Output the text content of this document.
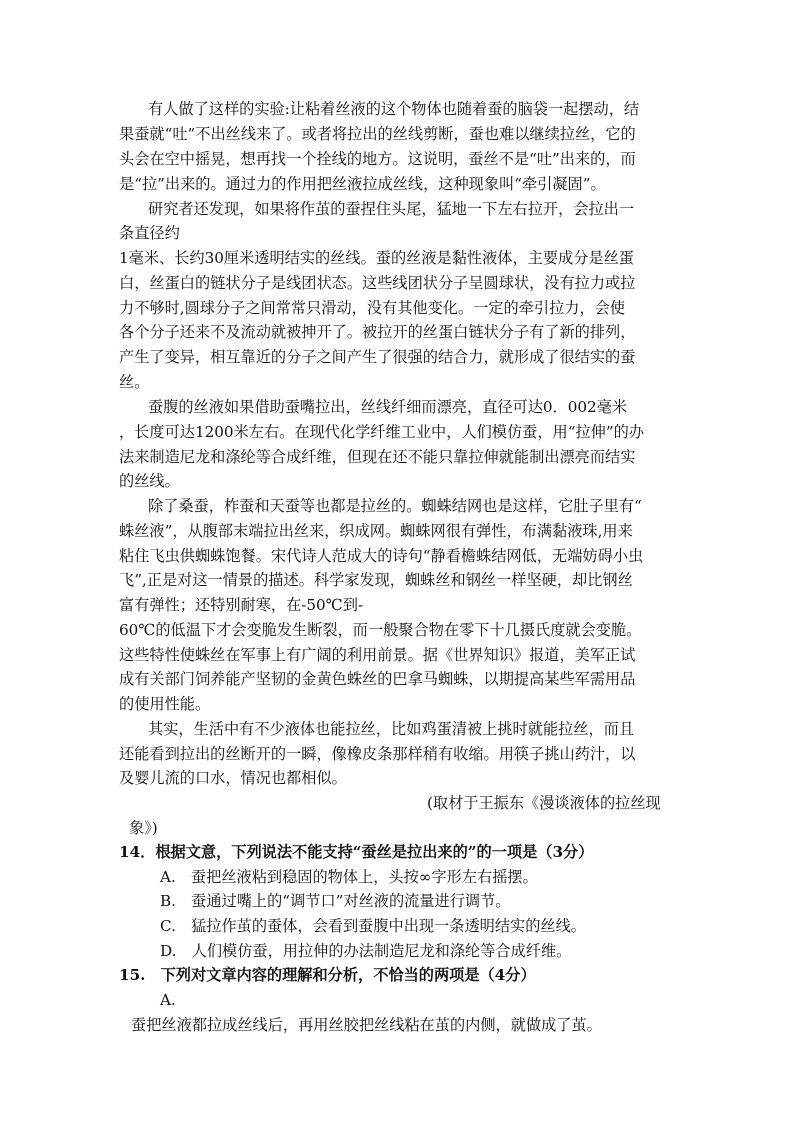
有人做了这样的实验:让粘着丝液的这个物体也随着蚕的脑袋一起摆动，结
果蚕就“吐”不出丝线来了。或者将拉出的丝线剪断，蚕也难以继续拉丝，它的
头会在空中摇晃，想再找一个拴线的地方。这说明，蚕丝不是“吐”出来的，而
是“拉”出来的。通过力的作用把丝液拉成丝线，这种现象叫“牵引凝固”。
研究者还发现，如果将作茧的蚕捏住头尾，猛地一下左右拉开，会拉出一
条直径约
1毫米、长约30厘米透明结实的丝线。蚕的丝液是黏性液体，主要成分是丝蛋
白，丝蛋白的链状分子是线团状态。这些线团状分子呈圆球状，没有拉力或拉
力不够时,圆球分子之间常常只滑动，没有其他变化。一定的牵引拉力，会使
各个分子还来不及流动就被抻开了。被拉开的丝蛋白链状分子有了新的排列，
产生了变异，相互靠近的分子之间产生了很强的结合力，就形成了很结实的蚕
丝。
蚕腹的丝液如果借助蚕嘴拉出，丝线纤细而漂亮，直径可达0．002毫米
，长度可达1200米左右。在现代化学纤维工业中，人们模仿蚕，用“拉伸”的办
法来制造尼龙和涤纶等合成纤维，但现在还不能只靠拉伸就能制出漂亮而结实
的丝线。
除了桑蚕，柞蚕和天蚕等也都是拉丝的。蜘蛛结网也是这样，它肚子里有“
蛛丝液”，从腹部末端拉出丝来，织成网。蜘蛛网很有弹性，布满黏液珠,用来
粘住飞虫供蜘蛛饱餐。宋代诗人范成大的诗句“静看檐蛛结网低，无端妨碍小虫
飞”,正是对这一情景的描述。科学家发现，蜘蛛丝和钢丝一样坚硬，却比钢丝
富有弹性；还特别耐寒，在-50℃到-
60℃的低温下才会变脆发生断裂，而一般聚合物在零下十几摄氏度就会变脆。
这些特性使蛛丝在军事上有广阔的利用前景。据《世界知识》报道，美军正试
成有关部门饲养能产坚韧的金黄色蛛丝的巴拿马蜘蛛，以期提高某些军需用品
的使用性能。
其实，生活中有不少液体也能拉丝，比如鸡蛋清被上挑时就能拉丝，而且
还能看到拉出的丝断开的一瞬，像橡皮条那样稍有收缩。用筷子挑山药汁，以
及婴儿流的口水，情况也都相似。
(取材于王振东《漫谈液体的拉丝现
象》)
14．根据文意，下列说法不能支持“蚕丝是拉出来的”的一项是（3分）
A.　蚕把丝液粘到稳固的物体上，头按∞字形左右摇摆。
B.　蚕通过嘴上的“调节口”对丝液的流量进行调节。
C.　猛拉作茧的蚕体，会看到蚕腹中出现一条透明结实的丝线。
D.　人们模仿蚕，用拉伸的办法制造尼龙和涤纶等合成纤维。
15.　下列对文章内容的理解和分析，不恰当的两项是（4分）
A.
蚕把丝液都拉成丝线后，再用丝胶把丝线粘在茧的内侧，就做成了茧。
